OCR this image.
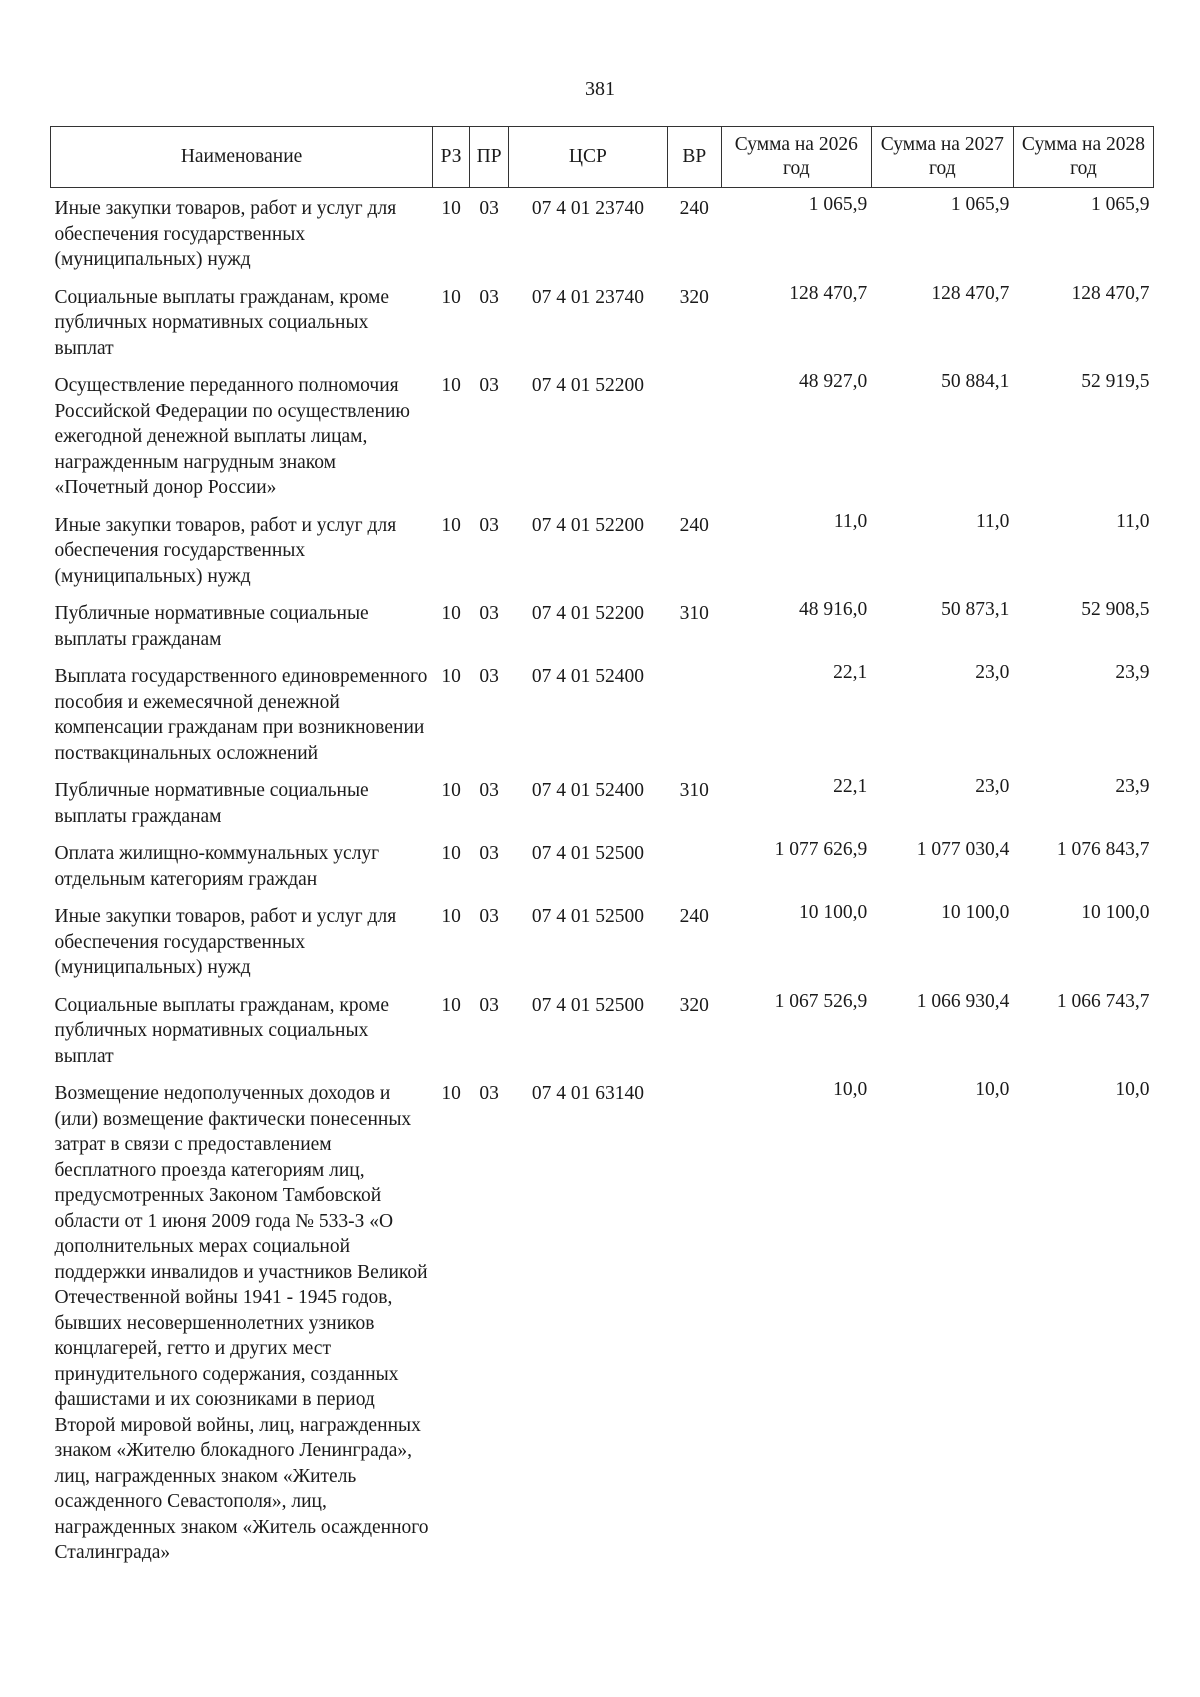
381
Наименование	РЗ	ПР	ЦСР	ВР	Сумма на 2026 год	Сумма на 2027 год	Сумма на 2028 год
Иные закупки товаров, работ и услуг для обеспечения государственных (муниципальных) нужд	10	03	07 4 01 23740	240	1 065,9	1 065,9	1 065,9
Социальные выплаты гражданам, кроме публичных нормативных социальных выплат	10	03	07 4 01 23740	320	128 470,7	128 470,7	128 470,7
Осуществление переданного полномочия Российской Федерации по осуществлению ежегодной денежной выплаты лицам, награжденным нагрудным знаком «Почетный донор России»	10	03	07 4 01 52200		48 927,0	50 884,1	52 919,5
Иные закупки товаров, работ и услуг для обеспечения государственных (муниципальных) нужд	10	03	07 4 01 52200	240	11,0	11,0	11,0
Публичные нормативные социальные выплаты гражданам	10	03	07 4 01 52200	310	48 916,0	50 873,1	52 908,5
Выплата государственного единовременного пособия и ежемесячной денежной компенсации гражданам при возникновении поствакцинальных осложнений	10	03	07 4 01 52400		22,1	23,0	23,9
Публичные нормативные социальные выплаты гражданам	10	03	07 4 01 52400	310	22,1	23,0	23,9
Оплата жилищно-коммунальных услуг отдельным категориям граждан	10	03	07 4 01 52500		1 077 626,9	1 077 030,4	1 076 843,7
Иные закупки товаров, работ и услуг для обеспечения государственных (муниципальных) нужд	10	03	07 4 01 52500	240	10 100,0	10 100,0	10 100,0
Социальные выплаты гражданам, кроме публичных нормативных социальных выплат	10	03	07 4 01 52500	320	1 067 526,9	1 066 930,4	1 066 743,7
Возмещение недополученных доходов и (или) возмещение фактически понесенных затрат в связи с предоставлением бесплатного проезда категориям лиц, предусмотренных Законом Тамбовской области от 1 июня 2009 года № 533-З «О дополнительных мерах социальной поддержки инвалидов и участников Великой Отечественной войны 1941 - 1945 годов, бывших несовершеннолетних узников концлагерей, гетто и других мест принудительного содержания, созданных фашистами и их союзниками в период Второй мировой войны, лиц, награжденных знаком «Жителю блокадного Ленинграда», лиц, награжденных знаком «Житель осажденного Севастополя», лиц, награжденных знаком «Житель осажденного Сталинграда»	10	03	07 4 01 63140		10,0	10,0	10,0
